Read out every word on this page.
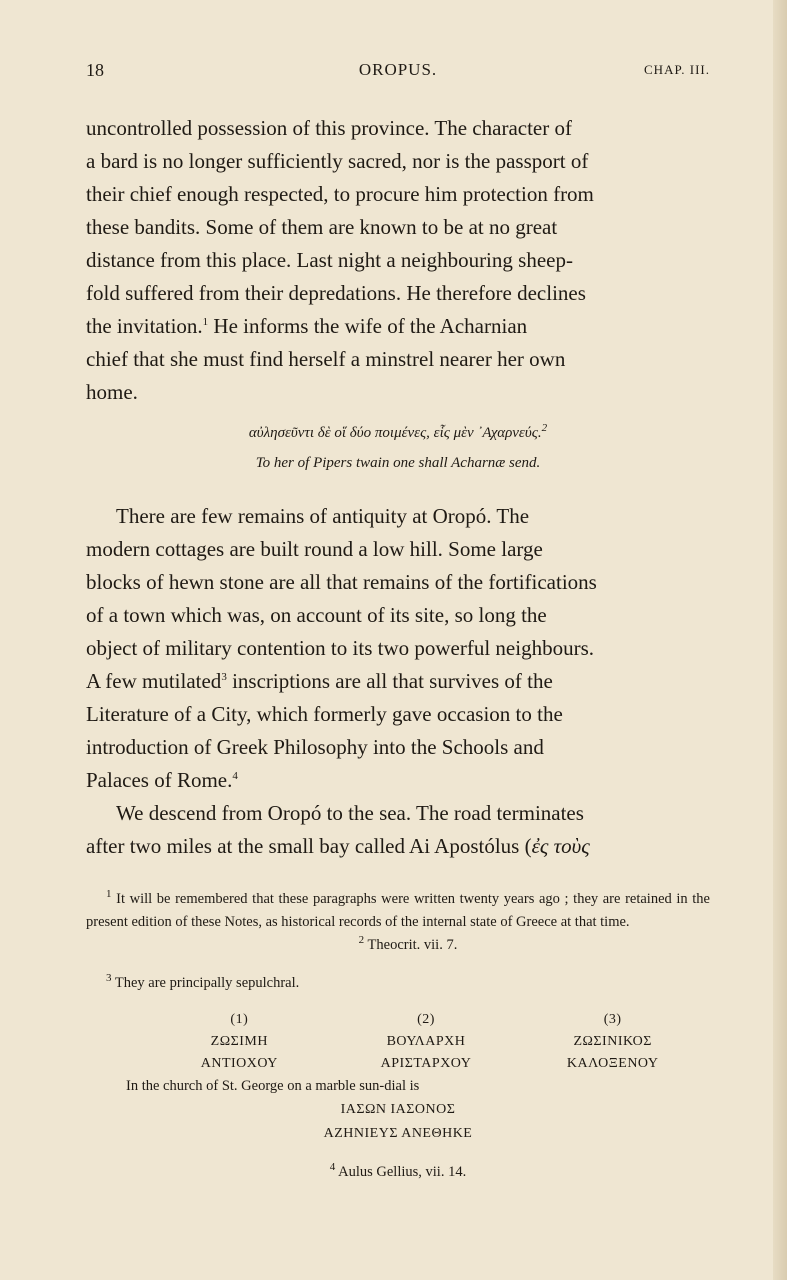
18	OROPUS.	CHAP. III.

uncontrolled possession of this province. The character of

a bard is no longer sufficiently sacred, nor is the passport of

their chief enough respected, to procure him protection from

these bandits. Some of them are known to be at no great

distance from this place. Last night a neighbouring sheep-

fold suffered from their depredations. He therefore declines

the invitation.$^1$ He informs the wife of the Acharnian

chief that she must find herself a minstrel nearer her own

home.

αὐλησεῦντι δὲ οἵ δύο ποιμένες, εἷς μὲν ᾿Αχαρνεύς.$^2$
To her of Pipers twain one shall Acharnæ send.

There are few remains of antiquity at Oropó. The

modern cottages are built round a low hill. Some large

blocks of hewn stone are all that remains of the fortifications

of a town which was, on account of its site, so long the

object of military contention to its two powerful neighbours.

A few mutilated$^3$ inscriptions are all that survives of the

Literature of a City, which formerly gave occasion to the

introduction of Greek Philosophy into the Schools and

Palaces of Rome.$^4$

We descend from Oropó to the sea. The road terminates

after two miles at the small bay called Ai Apostólus (ἐς τοὺς

$^1$ It will be remembered that these paragraphs were written twenty years ago ; they are retained in the present edition of these Notes, as historical records of the internal state of Greece at that time.

$^2$ Theocrit. vii. 7.

$^3$ They are principally sepulchral.

(1)	(2)	(3)
ΖΩΣΙΜΗ	ΒΟΥΛΑΡΧΗ	ΖΩΣΙΝΙΚΟΣ
ΑΝΤΙΟΧΟΥ	ΑΡΙΣΤΑΡΧΟΥ	ΚΑΛΟΞΕΝΟΥ

In the church of St. George on a marble sun-dial is

ΙΑΣΩΝ ΙΑΣΟΝΟΣ
ΑΖΗΝΙΕΥΣ ΑΝΕΘΗΚΕ

$^4$ Aulus Gellius, vii. 14.
